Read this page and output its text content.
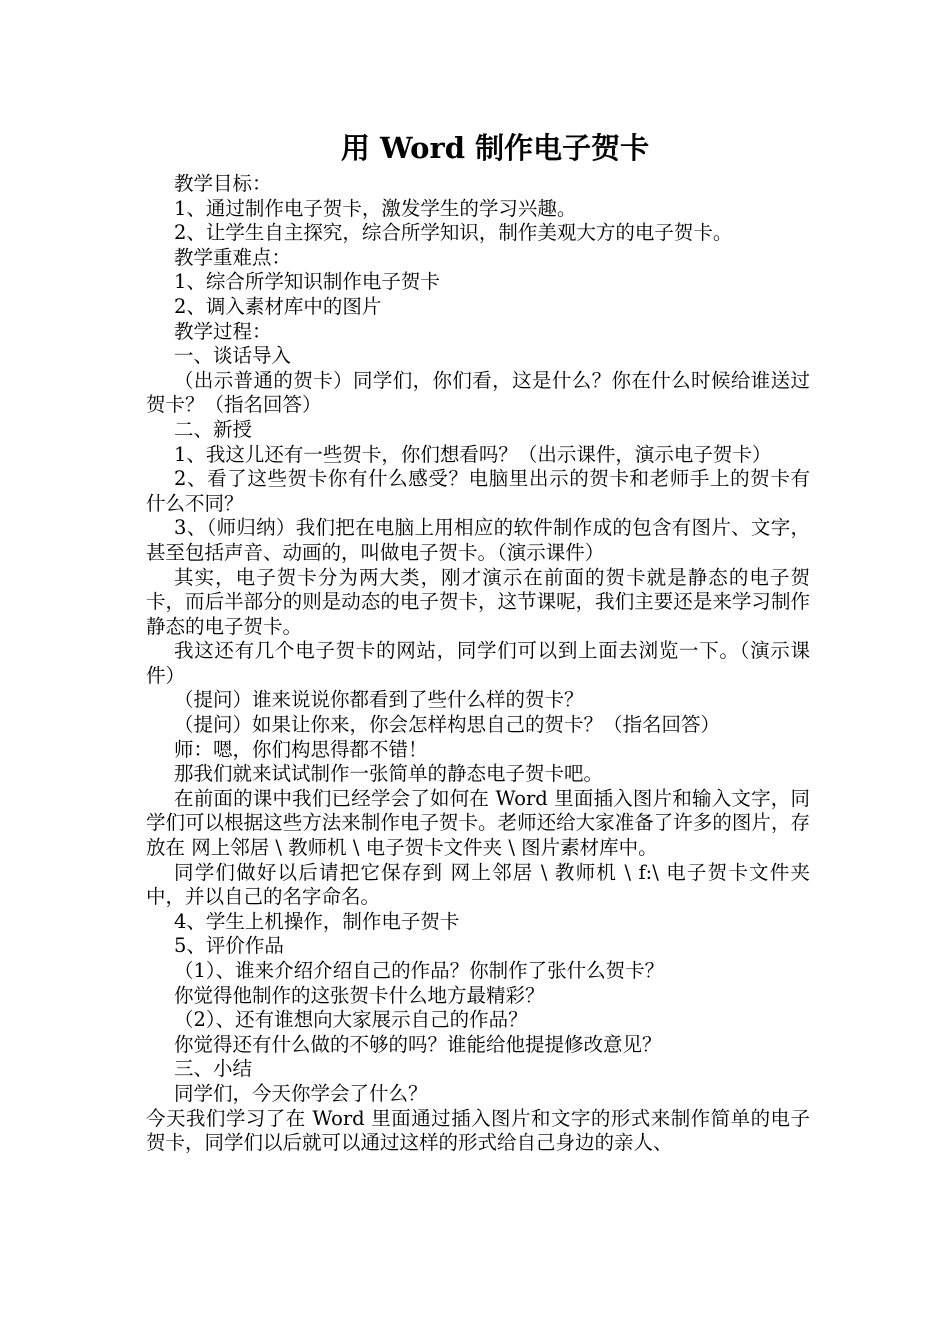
用 Word 制作电子贺卡

教学目标：

1、通过制作电子贺卡，激发学生的学习兴趣。

2、让学生自主探究，综合所学知识，制作美观大方的电子贺卡。

教学重难点：

1、综合所学知识制作电子贺卡

2、调入素材库中的图片

教学过程：

一、谈话导入

（出示普通的贺卡）同学们，你们看，这是什么？你在什么时候给谁送过贺卡？（指名回答）

二、新授

1、我这儿还有一些贺卡，你们想看吗？（出示课件，演示电子贺卡）

2、看了这些贺卡你有什么感受？电脑里出示的贺卡和老师手上的贺卡有什么不同？

3、（师归纳）我们把在电脑上用相应的软件制作成的包含有图片、文字，甚至包括声音、动画的，叫做电子贺卡。（演示课件）

其实，电子贺卡分为两大类，刚才演示在前面的贺卡就是静态的电子贺卡，而后半部分的则是动态的电子贺卡，这节课呢，我们主要还是来学习制作静态的电子贺卡。

我这还有几个电子贺卡的网站，同学们可以到上面去浏览一下。（演示课件）

（提问）谁来说说你都看到了些什么样的贺卡？

（提问）如果让你来，你会怎样构思自己的贺卡？（指名回答）

师：嗯，你们构思得都不错！

那我们就来试试制作一张简单的静态电子贺卡吧。

在前面的课中我们已经学会了如何在 Word 里面插入图片和输入文字，同学们可以根据这些方法来制作电子贺卡。老师还给大家准备了许多的图片，存放在 网上邻居 \ 教师机 \ 电子贺卡文件夹 \ 图片素材库中。

同学们做好以后请把它保存到 网上邻居 \ 教师机 \ f:\ 电子贺卡文件夹 中，并以自己的名字命名。

4、学生上机操作，制作电子贺卡

5、评价作品

（1）、谁来介绍介绍自己的作品？你制作了张什么贺卡？

你觉得他制作的这张贺卡什么地方最精彩？

（2）、还有谁想向大家展示自己的作品？

你觉得还有什么做的不够的吗？谁能给他提提修改意见？

三、小结

同学们，今天你学会了什么？

今天我们学习了在 Word 里面通过插入图片和文字的形式来制作简单的电子贺卡，同学们以后就可以通过这样的形式给自己身边的亲人、
